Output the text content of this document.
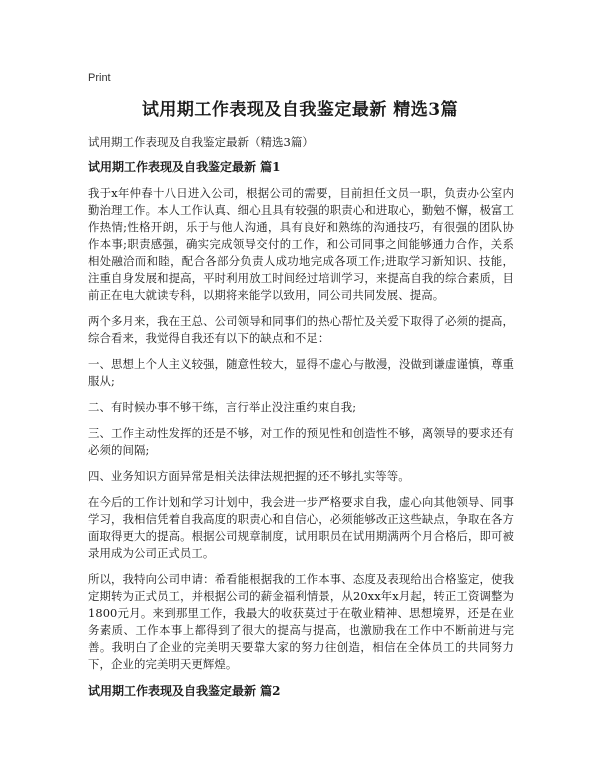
Print
试用期工作表现及自我鉴定最新 精选3篇
试用期工作表现及自我鉴定最新（精选3篇）
试用期工作表现及自我鉴定最新 篇1

我于x年仲春十八日进入公司，根据公司的需要，目前担任文员一职，负责办公室内勤治理工作。本人工作认真、细心且具有较强的职责心和进取心，勤勉不懈，极富工作热情;性格开朗，乐于与他人沟通，具有良好和熟练的沟通技巧，有很强的团队协作本事;职责感强，确实完成领导交付的工作，和公司同事之间能够通力合作，关系相处融洽而和睦，配合各部分负责人成功地完成各项工作;进取学习新知识、技能，注重自身发展和提高，平时利用放工时间经过培训学习，来提高自我的综合素质，目前正在电大就读专科，以期将来能学以致用，同公司共同发展、提高。

两个多月来，我在王总、公司领导和同事们的热心帮忙及关爱下取得了必须的提高，综合看来，我觉得自我还有以下的缺点和不足：

一、思想上个人主义较强，随意性较大，显得不虚心与散漫，没做到谦虚谨慎，尊重服从;

二、有时候办事不够干练，言行举止没注重约束自我;

三、工作主动性发挥的还是不够，对工作的预见性和创造性不够，离领导的要求还有必须的间隔;

四、业务知识方面异常是相关法律法规把握的还不够扎实等等。

在今后的工作计划和学习计划中，我会进一步严格要求自我，虚心向其他领导、同事学习，我相信凭着自我高度的职责心和自信心，必须能够改正这些缺点，争取在各方面取得更大的提高。根据公司规章制度，试用职员在试用期满两个月合格后，即可被录用成为公司正式员工。

所以，我特向公司申请：希看能根据我的工作本事、态度及表现给出合格鉴定，使我定期转为正式员工，并根据公司的薪金福利情景，从20xx年x月起，转正工资调整为1800元月。来到那里工作，我最大的收获莫过于在敬业精神、思想境界，还是在业务素质、工作本事上都得到了很大的提高与提高，也激励我在工作中不断前进与完善。我明白了企业的完美明天要靠大家的努力往创造，相信在全体员工的共同努力下，企业的完美明天更辉煌。

试用期工作表现及自我鉴定最新 篇2
